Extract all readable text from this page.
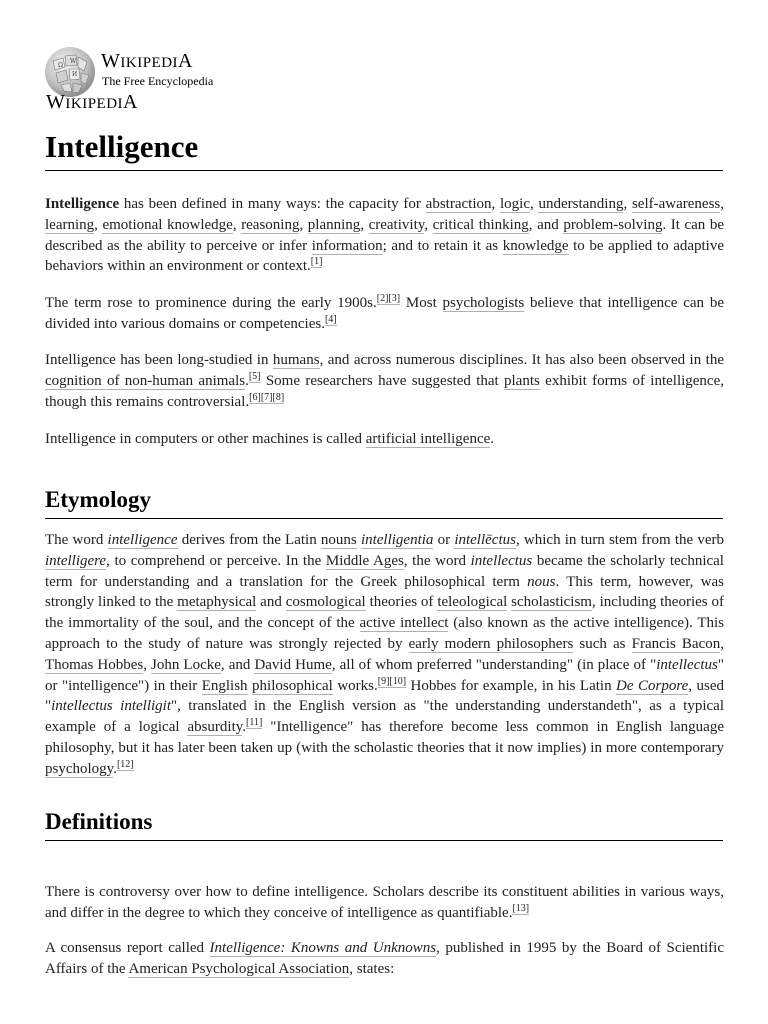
Ω
W
И
WIKIPEDIA
The Free Encyclopedia
WIKIPEDIA
Intelligence

Intelligence has been defined in many ways: the capacity for abstraction, logic, understanding, self-awareness, learning, emotional knowledge, reasoning, planning, creativity, critical thinking, and problem-solving. It can be described as the ability to perceive or infer information; and to retain it as knowledge to be applied to adaptive behaviors within an environment or context.[1]

The term rose to prominence during the early 1900s.[2][3] Most psychologists believe that intelligence can be divided into various domains or competencies.[4]

Intelligence has been long-studied in humans, and across numerous disciplines. It has also been observed in the cognition of non-human animals.[5] Some researchers have suggested that plants exhibit forms of intelligence, though this remains controversial.[6][7][8]

Intelligence in computers or other machines is called artificial intelligence.

Etymology

The word intelligence derives from the Latin nouns intelligentia or intellēctus, which in turn stem from the verb intelligere, to comprehend or perceive. In the Middle Ages, the word intellectus became the scholarly technical term for understanding and a translation for the Greek philosophical term nous. This term, however, was strongly linked to the metaphysical and cosmological theories of teleological scholasticism, including theories of the immortality of the soul, and the concept of the active intellect (also known as the active intelligence). This approach to the study of nature was strongly rejected by early modern philosophers such as Francis Bacon, Thomas Hobbes, John Locke, and David Hume, all of whom preferred "understanding" (in place of "intellectus" or "intelligence") in their English philosophical works.[9][10] Hobbes for example, in his Latin De Corpore, used "intellectus intelligit", translated in the English version as "the understanding understandeth", as a typical example of a logical absurdity.[11] "Intelligence" has therefore become less common in English language philosophy, but it has later been taken up (with the scholastic theories that it now implies) in more contemporary psychology.[12]

Definitions

There is controversy over how to define intelligence. Scholars describe its constituent abilities in various ways, and differ in the degree to which they conceive of intelligence as quantifiable.[13]

A consensus report called Intelligence: Knowns and Unknowns, published in 1995 by the Board of Scientific Affairs of the American Psychological Association, states:
